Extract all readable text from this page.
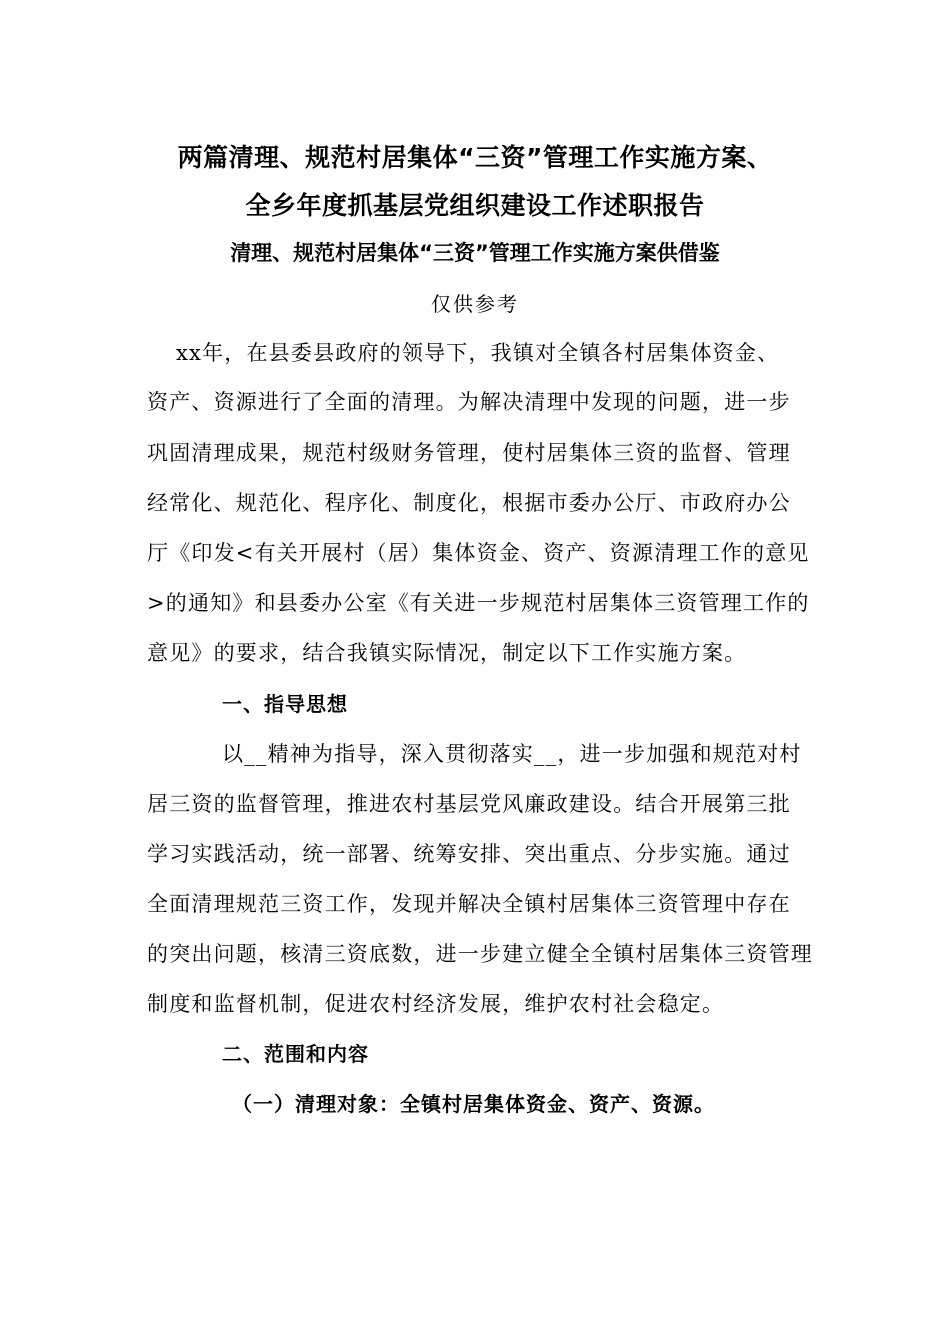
两篇清理、规范村居集体“三资”管理工作实施方案、
全乡年度抓基层党组织建设工作述职报告
清理、规范村居集体“三资”管理工作实施方案供借鉴
仅供参考
xx年，在县委县政府的领导下，我镇对全镇各村居集体资金、
资产、资源进行了全面的清理。为解决清理中发现的问题，进一步
巩固清理成果，规范村级财务管理，使村居集体三资的监督、管理
经常化、规范化、程序化、制度化，根据市委办公厅、市政府办公
厅《印发<有关开展村（居）集体资金、资产、资源清理工作的意见
>的通知》和县委办公室《有关进一步规范村居集体三资管理工作的
意见》的要求，结合我镇实际情况，制定以下工作实施方案。
一、指导思想
以__精神为指导，深入贯彻落实__，进一步加强和规范对村
居三资的监督管理，推进农村基层党风廉政建设。结合开展第三批
学习实践活动，统一部署、统筹安排、突出重点、分步实施。通过
全面清理规范三资工作，发现并解决全镇村居集体三资管理中存在
的突出问题，核清三资底数，进一步建立健全全镇村居集体三资管理
制度和监督机制，促进农村经济发展，维护农村社会稳定。
二、范围和内容
（一）清理对象：全镇村居集体资金、资产、资源。
